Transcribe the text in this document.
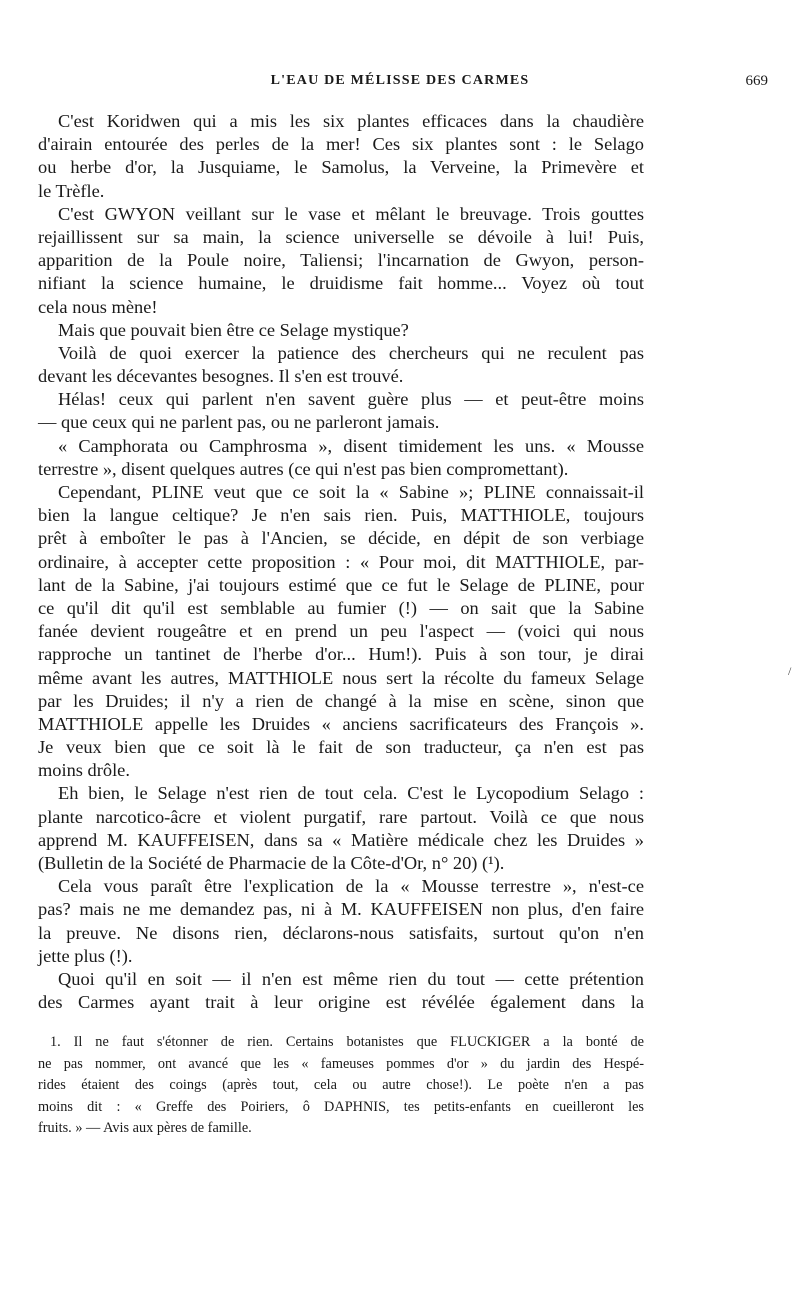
L'EAU DE MÉLISSE DES CARMES	669
C'est Koridwen qui a mis les six plantes efficaces dans la chaudière
d'airain entourée des perles de la mer! Ces six plantes sont : le Selago
ou herbe d'or, la Jusquiame, le Samolus, la Verveine, la Primevère et
le Trèfle.
C'est GWYON veillant sur le vase et mêlant le breuvage. Trois gouttes
rejaillissent sur sa main, la science universelle se dévoile à lui! Puis,
apparition de la Poule noire, Taliensi; l'incarnation de Gwyon, person-
nifiant la science humaine, le druidisme fait homme... Voyez où tout
cela nous mène!
Mais que pouvait bien être ce Selage mystique?
Voilà de quoi exercer la patience des chercheurs qui ne reculent pas
devant les décevantes besognes. Il s'en est trouvé.
Hélas! ceux qui parlent n'en savent guère plus — et peut-être moins
— que ceux qui ne parlent pas, ou ne parleront jamais.
« Camphorata ou Camphrosma », disent timidement les uns. « Mousse
terrestre », disent quelques autres (ce qui n'est pas bien compromettant).
Cependant, PLINE veut que ce soit la « Sabine »; PLINE connaissait-il
bien la langue celtique? Je n'en sais rien. Puis, MATTHIOLE, toujours
prêt à emboîter le pas à l'Ancien, se décide, en dépit de son verbiage
ordinaire, à accepter cette proposition : « Pour moi, dit MATTHIOLE, par-
lant de la Sabine, j'ai toujours estimé que ce fut le Selage de PLINE, pour
ce qu'il dit qu'il est semblable au fumier (!) — on sait que la Sabine
fanée devient rougeâtre et en prend un peu l'aspect — (voici qui nous
rapproche un tantinet de l'herbe d'or... Hum!). Puis à son tour, je dirai
même avant les autres, MATTHIOLE nous sert la récolte du fameux Selage
par les Druides; il n'y a rien de changé à la mise en scène, sinon que
MATTHIOLE appelle les Druides « anciens sacrificateurs des François ».
Je veux bien que ce soit là le fait de son traducteur, ça n'en est pas
moins drôle.
Eh bien, le Selage n'est rien de tout cela. C'est le Lycopodium Selago :
plante narcotico-âcre et violent purgatif, rare partout. Voilà ce que nous
apprend M. KAUFFEISEN, dans sa « Matière médicale chez les Druides »
(Bulletin de la Société de Pharmacie de la Côte-d'Or, n° 20) (¹).
Cela vous paraît être l'explication de la « Mousse terrestre », n'est-ce
pas? mais ne me demandez pas, ni à M. KAUFFEISEN non plus, d'en faire
la preuve. Ne disons rien, déclarons-nous satisfaits, surtout qu'on n'en
jette plus (!).
Quoi qu'il en soit — il n'en est même rien du tout — cette prétention
des Carmes ayant trait à leur origine est révélée également dans la
1. Il ne faut s'étonner de rien. Certains botanistes que FLUCKIGER a la bonté de
ne pas nommer, ont avancé que les « fameuses pommes d'or » du jardin des Hespé-
rides étaient des coings (après tout, cela ou autre chose!). Le poète n'en a pas
moins dit : « Greffe des Poiriers, ô DAPHNIS, tes petits-enfants en cueilleront les
fruits. » — Avis aux pères de famille.
/
